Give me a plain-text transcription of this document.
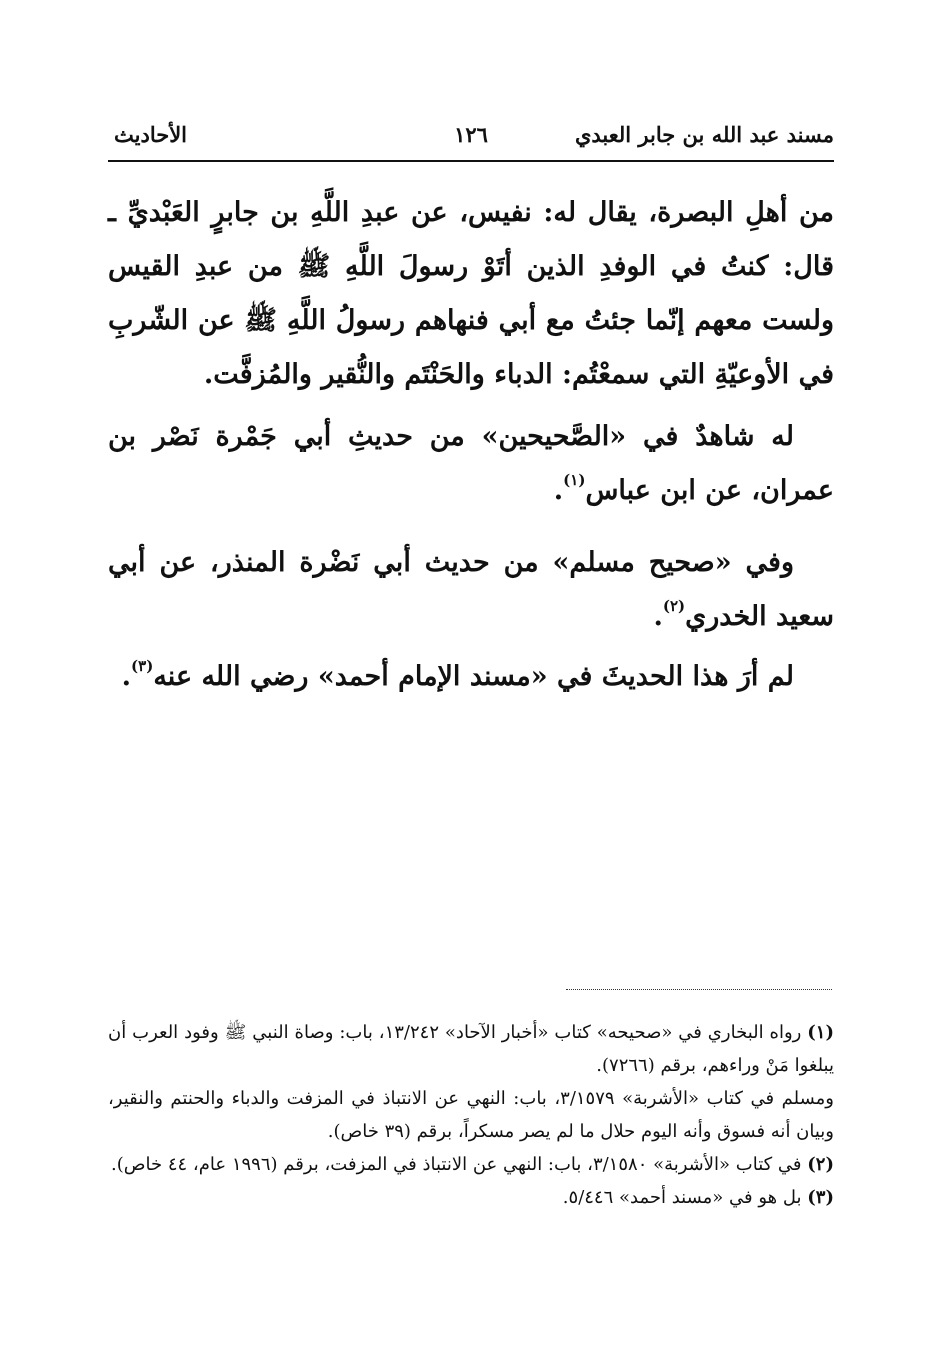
مسند عبد الله بن جابر العبدي
١٢٦
الأحاديث

من أهلِ البصرة، يقال له: نفيس، عن عبدِ اللَّهِ بن جابرٍ العَبْديِّ ـ قال: كنتُ في الوفدِ الذين أتَوْ رسولَ اللَّهِ ﷺ من عبدِ القيس ولست معهم إنّما جئتُ مع أبي فنهاهم رسولُ اللَّهِ ﷺ عن الشّربِ في الأوعيّةِ التي سمعْتُم: الدباء والحَنْتَم والنُّقير والمُزفَّت.

له شاهدٌ في «الصَّحيحين» من حديثِ أبي جَمْرة نَصْر بن عمران، عن ابن عباس$^{(١)}$.

وفي «صحيح مسلم» من حديث أبي نَضْرة المنذر، عن أبي سعيد الخدري$^{(٢)}$.

لم أرَ هذا الحديثَ في «مسند الإمام أحمد» رضي الله عنه$^{(٣)}$.

(١) رواه البخاري في «صحيحه» كتاب «أخبار الآحاد» ١٣/٢٤٢، باب: وصاة النبي ﷺ وفود العرب أن يبلغوا مَنْ وراءهم، برقم (٧٢٦٦).

ومسلم في كتاب «الأشربة» ٣/١٥٧٩، باب: النهي عن الانتباذ في المزفت والدباء والحنتم والنقير، وبيان أنه فسوق وأنه اليوم حلال ما لم يصر مسكراً، برقم (٣٩ خاص).

(٢) في كتاب «الأشربة» ٣/١٥٨٠، باب: النهي عن الانتباذ في المزفت، برقم (١٩٩٦ عام، ٤٤ خاص).

(٣) بل هو في «مسند أحمد» ٥/٤٤٦.
